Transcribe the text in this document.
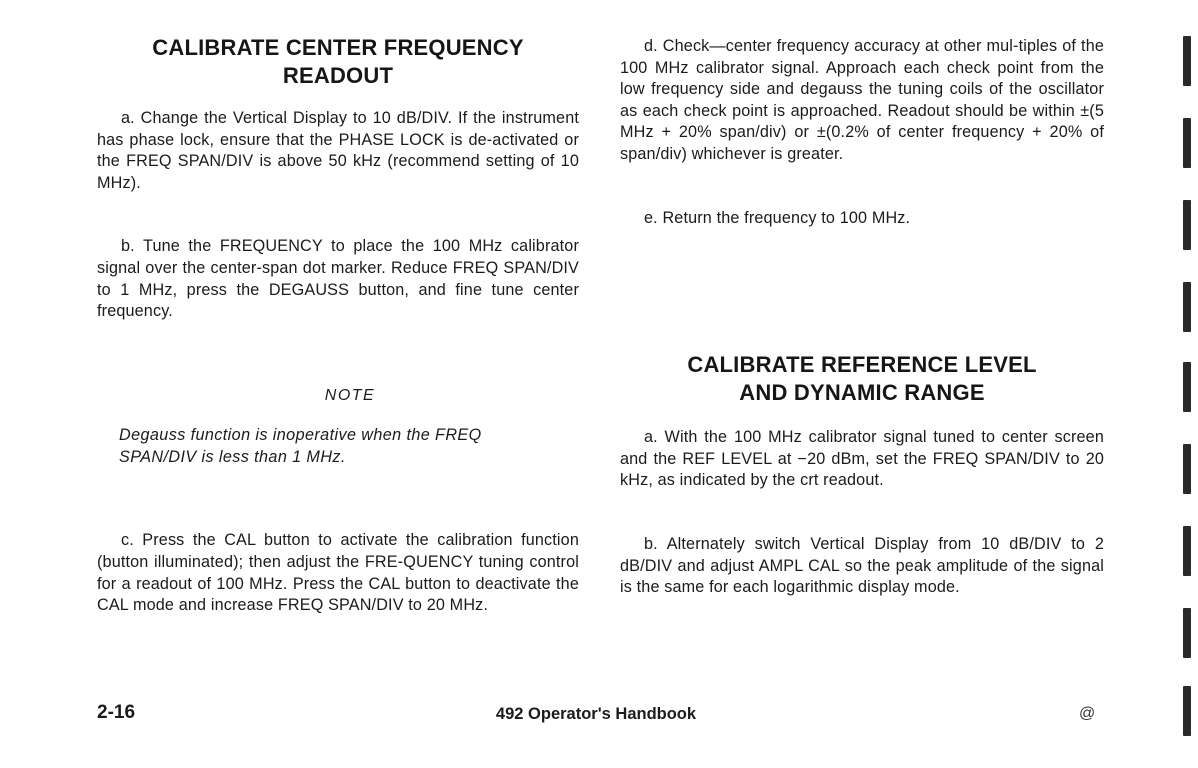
CALIBRATE CENTER FREQUENCY
READOUT

a. Change the Vertical Display to 10 dB/DIV. If the instrument has phase lock, ensure that the PHASE LOCK is de-activated or the FREQ SPAN/DIV is above 50 kHz (recommend setting of 10 MHz).

b. Tune the FREQUENCY to place the 100 MHz calibrator signal over the center-span dot marker. Reduce FREQ SPAN/DIV to 1 MHz, press the DEGAUSS button, and fine tune center frequency.

NOTE

Degauss function is inoperative when the FREQ

SPAN/DIV is less than 1 MHz.

c. Press the CAL button to activate the calibration function (button illuminated); then adjust the FRE-QUENCY tuning control for a readout of 100 MHz. Press the CAL button to deactivate the CAL mode and increase FREQ SPAN/DIV to 20 MHz.

d. Check—center frequency accuracy at other mul-tiples of the 100 MHz calibrator signal. Approach each check point from the low frequency side and degauss the tuning coils of the oscillator as each check point is approached. Readout should be within ±(5 MHz + 20% span/div) or ±(0.2% of center frequency + 20% of span/div) whichever is greater.

e. Return the frequency to 100 MHz.

CALIBRATE REFERENCE LEVEL
AND DYNAMIC RANGE

a. With the 100 MHz calibrator signal tuned to center screen and the REF LEVEL at −20 dBm, set the FREQ SPAN/DIV to 20 kHz, as indicated by the crt readout.

b. Alternately switch Vertical Display from 10 dB/DIV to 2 dB/DIV and adjust AMPL CAL so the peak amplitude of the signal is the same for each logarithmic display mode.

2-16	492 Operator's Handbook	@
